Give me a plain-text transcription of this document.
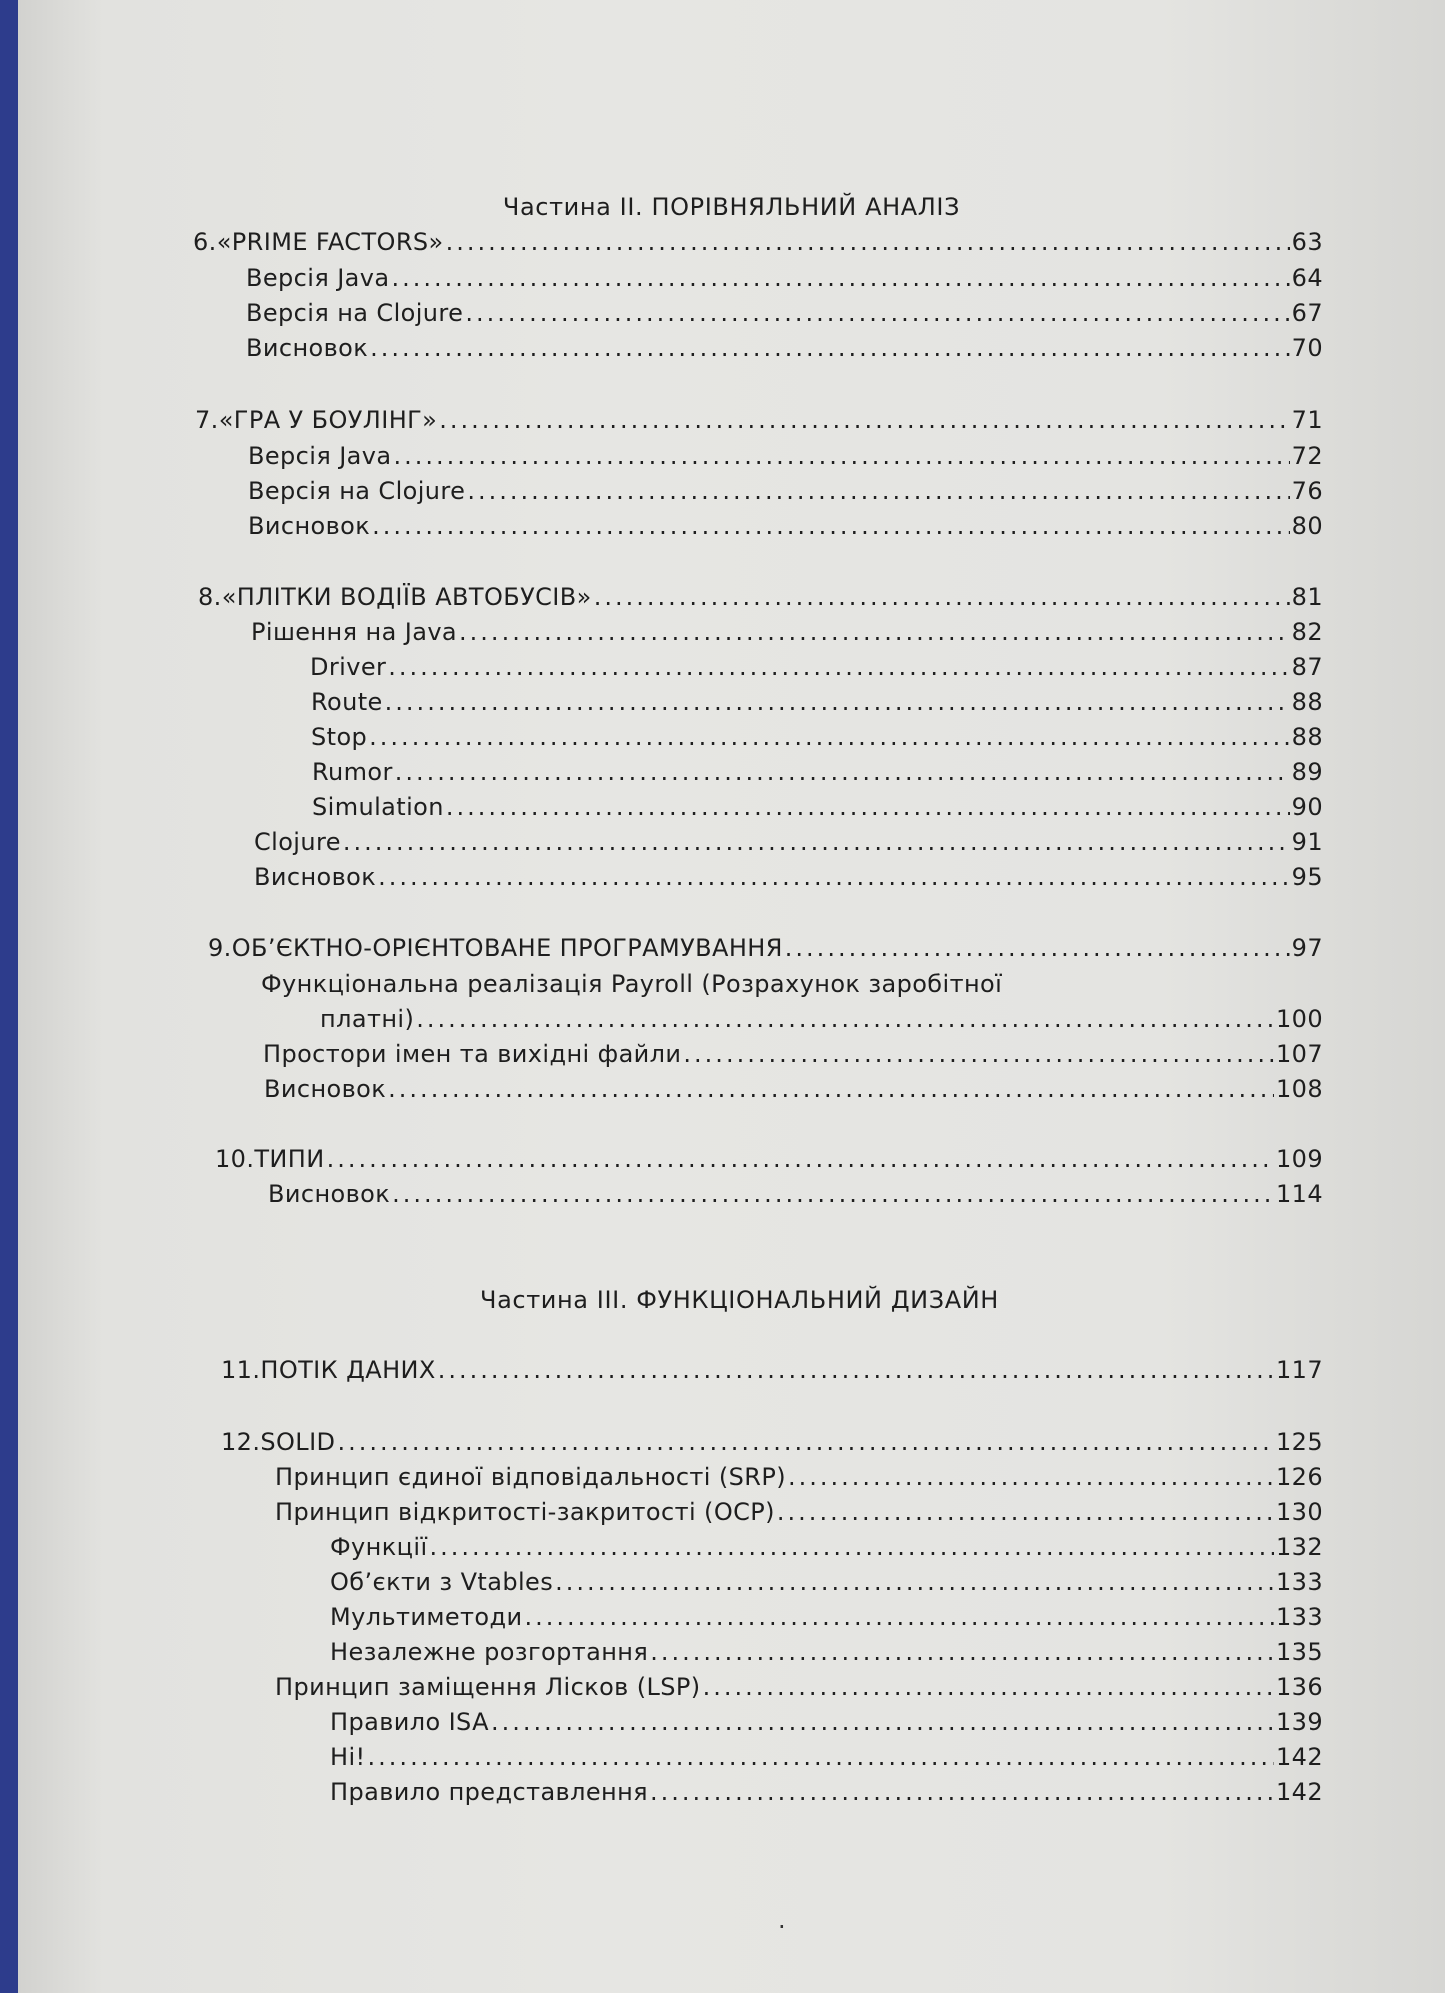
Частина II. ПОРІВНЯЛЬНИЙ АНАЛІЗ
6. «PRIME FACTORS» .....	63
Версія Java .....	64
Версія на Clojure .....	67
Висновок .....	70
7. «ГРА У БОУЛІНГ» .....	71
Версія Java .....	72
Версія на Clojure .....	76
Висновок .....	80
8. «ПЛІТКИ ВОДІЇВ АВТОБУСІВ» .....	81
Рішення на Java .....	82
Driver .....	87
Route .....	88
Stop .....	88
Rumor .....	89
Simulation .....	90
Clojure .....	91
Висновок .....	95
9. ОБ’ЄКТНО-ОРІЄНТОВАНЕ ПРОГРАМУВАННЯ .....	97
Функціональна реалізація Payroll (Розрахунок заробітної
платні) .....	100
Простори імен та вихідні файли .....	107
Висновок .....	108
10. ТИПИ .....	109
Висновок .....	114
Частина III. ФУНКЦІОНАЛЬНИЙ ДИЗАЙН
11. ПОТІК ДАНИХ .....	117
12. SOLID .....	125
Принцип єдиної відповідальності (SRP) .....	126
Принцип відкритості-закритості (OCP) .....	130
Функції .....	132
Об’єкти з Vtables .....	133
Мультиметоди .....	133
Незалежне розгортання .....	135
Принцип заміщення Лісков (LSP) .....	136
Правило ISA .....	139
Ні! .....	142
Правило представлення .....	142
.
